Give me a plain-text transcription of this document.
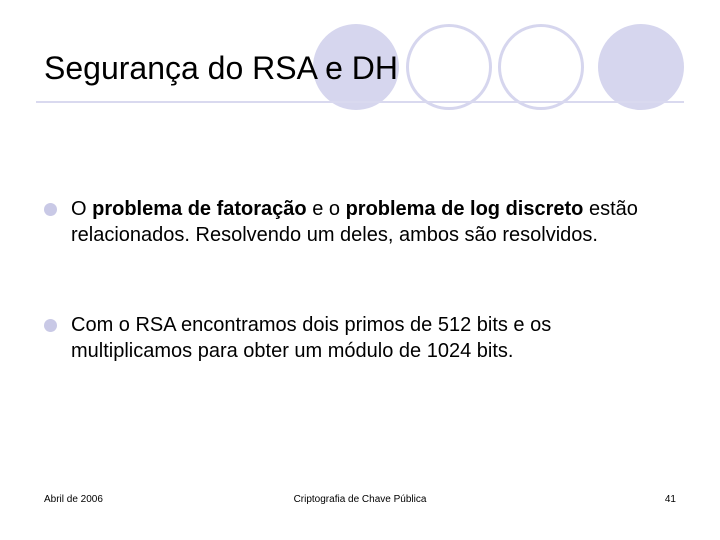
Segurança do RSA e DH
O problema de fatoração e o problema de log discreto estão relacionados. Resolvendo um deles, ambos são resolvidos.
Com o RSA encontramos dois primos de 512 bits e os multiplicamos para obter um módulo de 1024 bits.
Abril de 2006	Criptografia de Chave Pública	41
